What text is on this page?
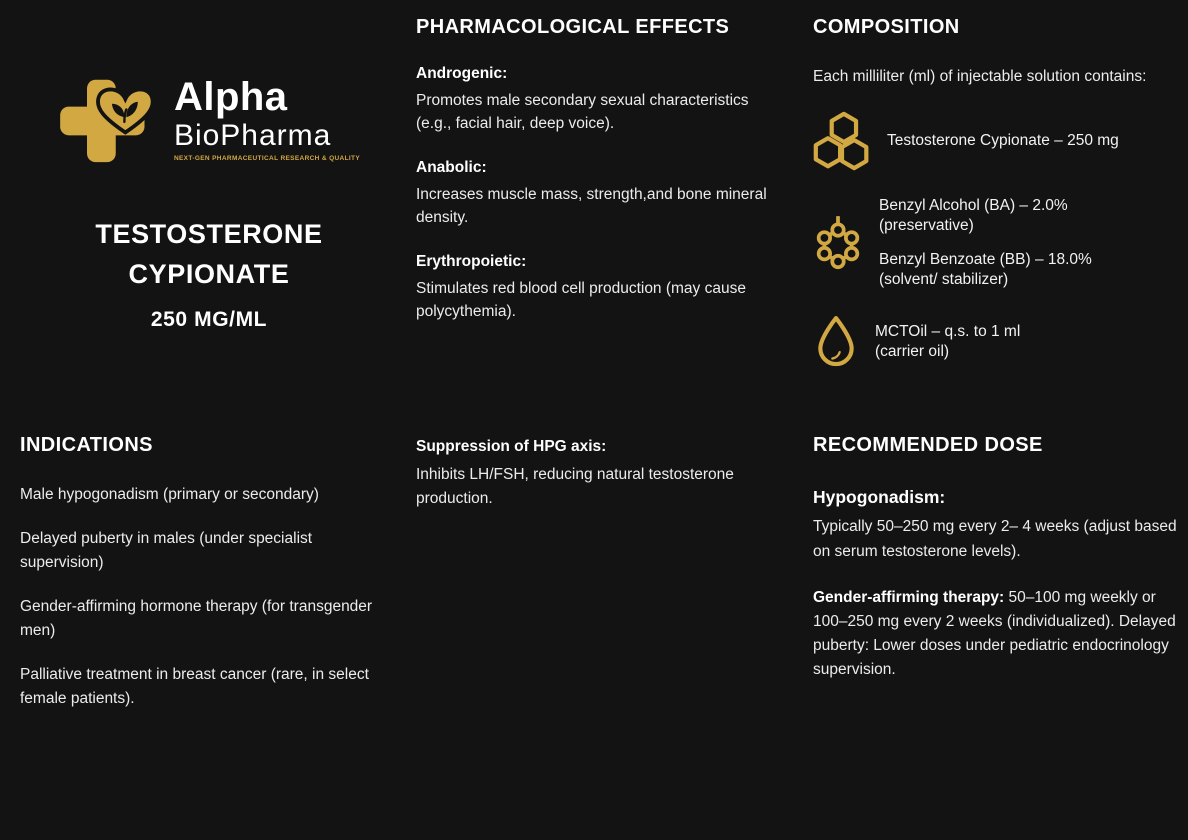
Alpha
BioPharma
NEXT-GEN PHARMACEUTICAL RESEARCH & QUALITY

TESTOSTERONE

CYPIONATE

250 MG/ML

INDICATIONS

Male hypogonadism (primary or secondary)

Delayed puberty in males (under specialist supervision)

Gender-affirming hormone therapy (for transgender men)

Palliative treatment in breast cancer (rare, in select female patients).

PHARMACOLOGICAL EFFECTS

Androgenic:

Promotes male secondary sexual characteristics (e.g., facial hair, deep voice).

Anabolic:

Increases muscle mass, strength,and bone mineral density.

Erythropoietic:

Stimulates red blood cell production (may cause polycythemia).

Suppression of HPG axis:

Inhibits LH/FSH, reducing natural testosterone production.

COMPOSITION

Each milliliter (ml) of injectable solution contains:

Testosterone Cypionate – 250 mg
Benzyl Alcohol (BA) – 2.0%
(preservative)
Benzyl Benzoate (BB) – 18.0%
(solvent/ stabilizer)
MCTOil – q.s. to 1 ml
(carrier oil)
RECOMMENDED DOSE

Hypogonadism:

Typically 50–250 mg every 2– 4 weeks (adjust based on serum testosterone levels).

Gender-affirming therapy: 50–100 mg weekly or 100–250 mg every 2 weeks (individualized). Delayed puberty: Lower doses under pediatric endocrinology supervision.
